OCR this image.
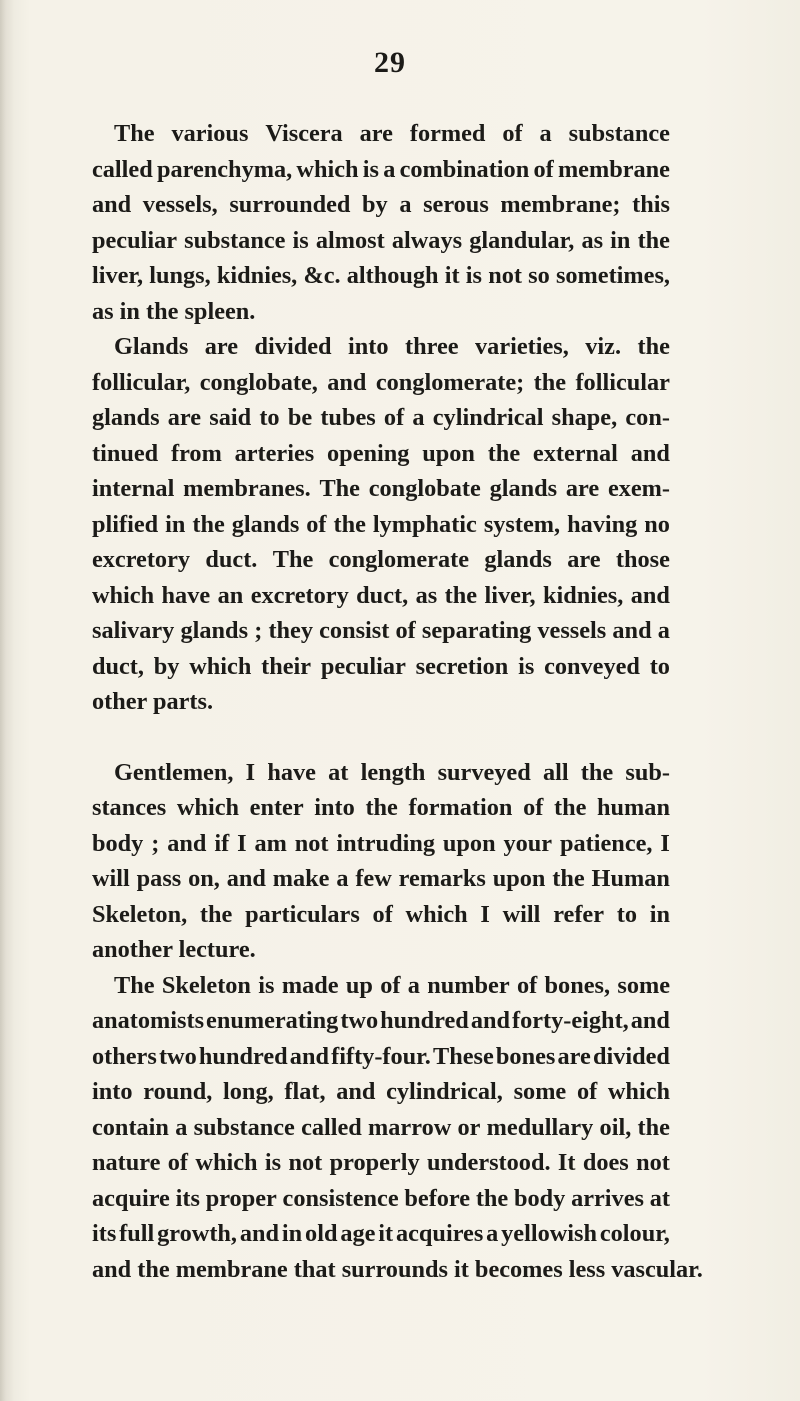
29
The various Viscera are formed of a substance
called parenchyma, which is a combination of membrane
and vessels, surrounded by a serous membrane; this
peculiar substance is almost always glandular, as in the
liver, lungs, kidnies, &c. although it is not so sometimes,
as in the spleen.
Glands are divided into three varieties, viz. the
follicular, conglobate, and conglomerate; the follicular
glands are said to be tubes of a cylindrical shape, con-
tinued from arteries opening upon the external and
internal membranes. The conglobate glands are exem-
plified in the glands of the lymphatic system, having no
excretory duct. The conglomerate glands are those
which have an excretory duct, as the liver, kidnies, and
salivary glands ; they consist of separating vessels and a
duct, by which their peculiar secretion is conveyed to
other parts.
Gentlemen, I have at length surveyed all the sub-
stances which enter into the formation of the human
body ; and if I am not intruding upon your patience, I
will pass on, and make a few remarks upon the Human
Skeleton, the particulars of which I will refer to in
another lecture.
The Skeleton is made up of a number of bones, some
anatomists enumerating two hundred and forty-eight, and
others two hundred and fifty-four. These bones are divided
into round, long, flat, and cylindrical, some of which
contain a substance called marrow or medullary oil, the
nature of which is not properly understood. It does not
acquire its proper consistence before the body arrives at
its full growth, and in old age it acquires a yellowish colour,
and the membrane that surrounds it becomes less vascular.
